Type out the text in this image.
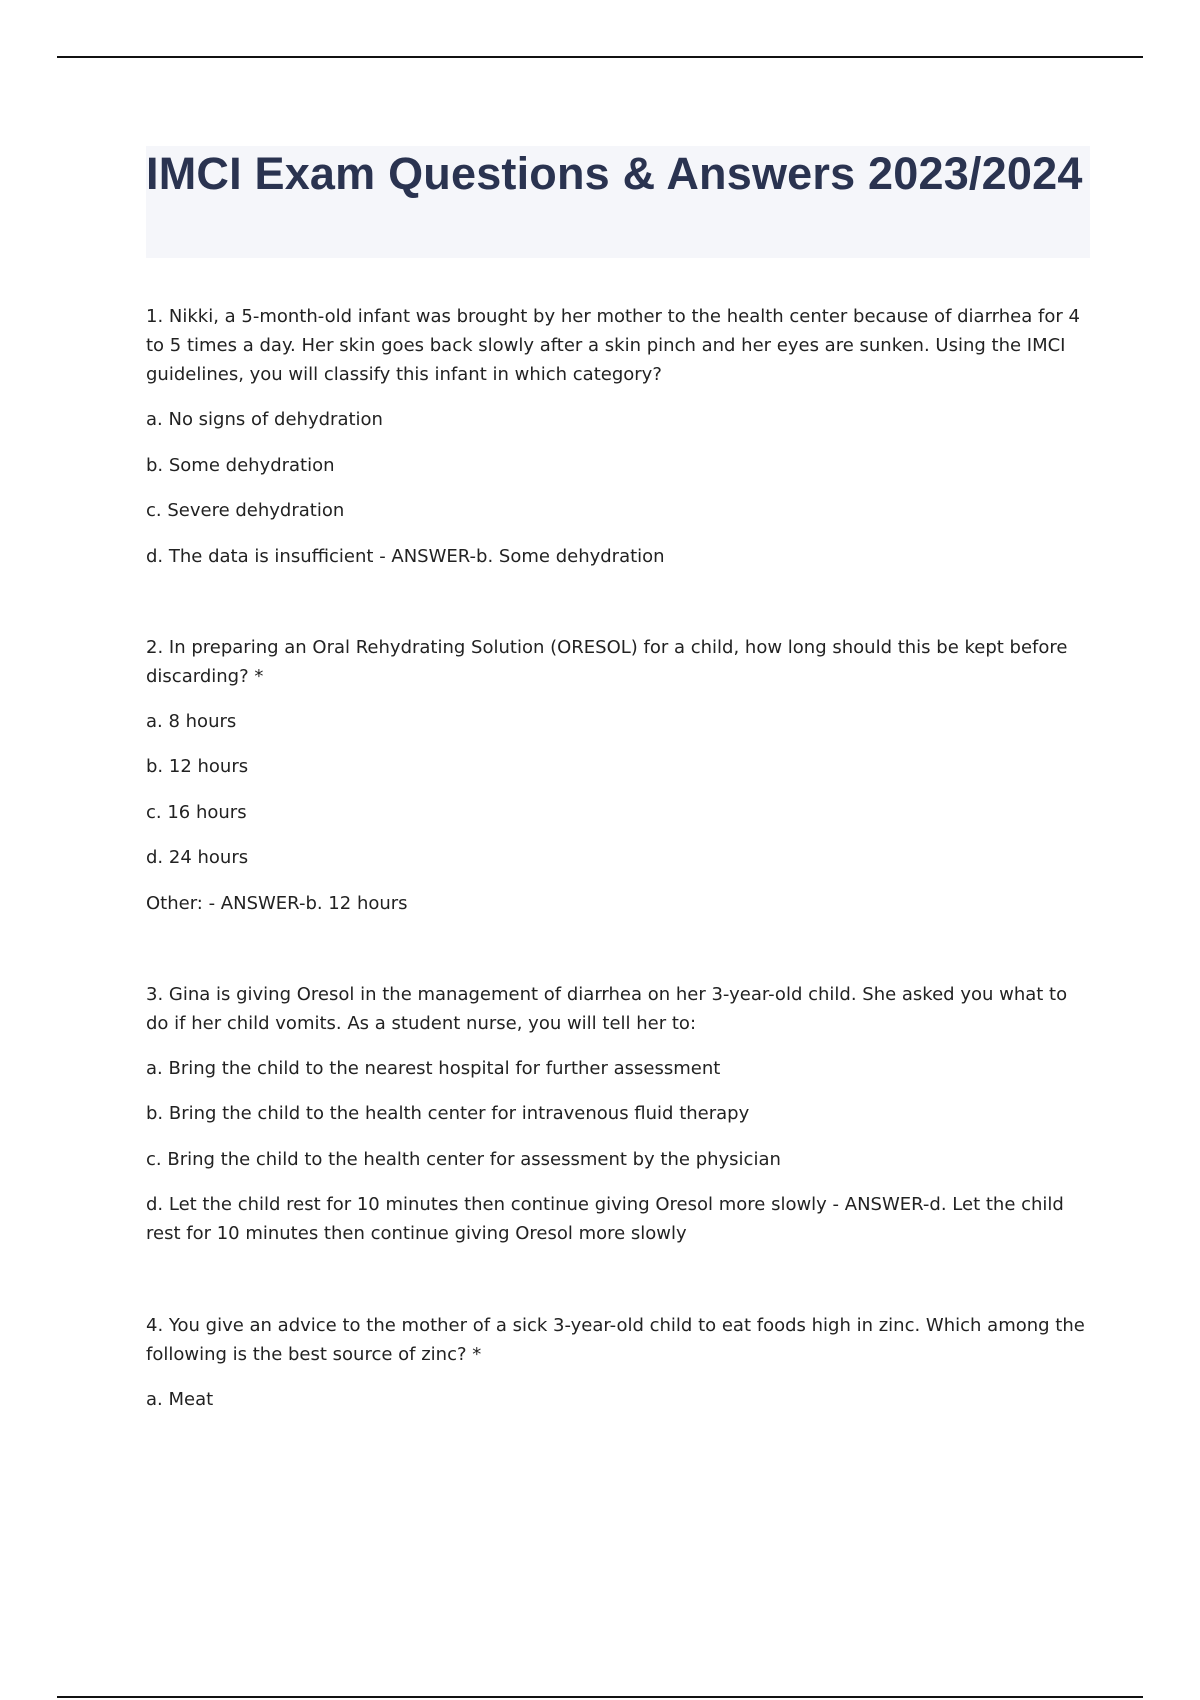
IMCI Exam Questions & Answers 2023/2024

1. Nikki, a 5-month-old infant was brought by her mother to the health center because of diarrhea for 4 to 5 times a day. Her skin goes back slowly after a skin pinch and her eyes are sunken. Using the IMCI guidelines, you will classify this infant in which category?

a. No signs of dehydration

b. Some dehydration

c. Severe dehydration

d. The data is insufficient - ANSWER-b. Some dehydration

2. In preparing an Oral Rehydrating Solution (ORESOL) for a child, how long should this be kept before discarding? *

a. 8 hours

b. 12 hours

c. 16 hours

d. 24 hours

Other: - ANSWER-b. 12 hours

3. Gina is giving Oresol in the management of diarrhea on her 3-year-old child. She asked you what to do if her child vomits. As a student nurse, you will tell her to:

a. Bring the child to the nearest hospital for further assessment

b. Bring the child to the health center for intravenous fluid therapy

c. Bring the child to the health center for assessment by the physician

d. Let the child rest for 10 minutes then continue giving Oresol more slowly - ANSWER-d. Let the child rest for 10 minutes then continue giving Oresol more slowly

4. You give an advice to the mother of a sick 3-year-old child to eat foods high in zinc. Which among the following is the best source of zinc? *

a. Meat
